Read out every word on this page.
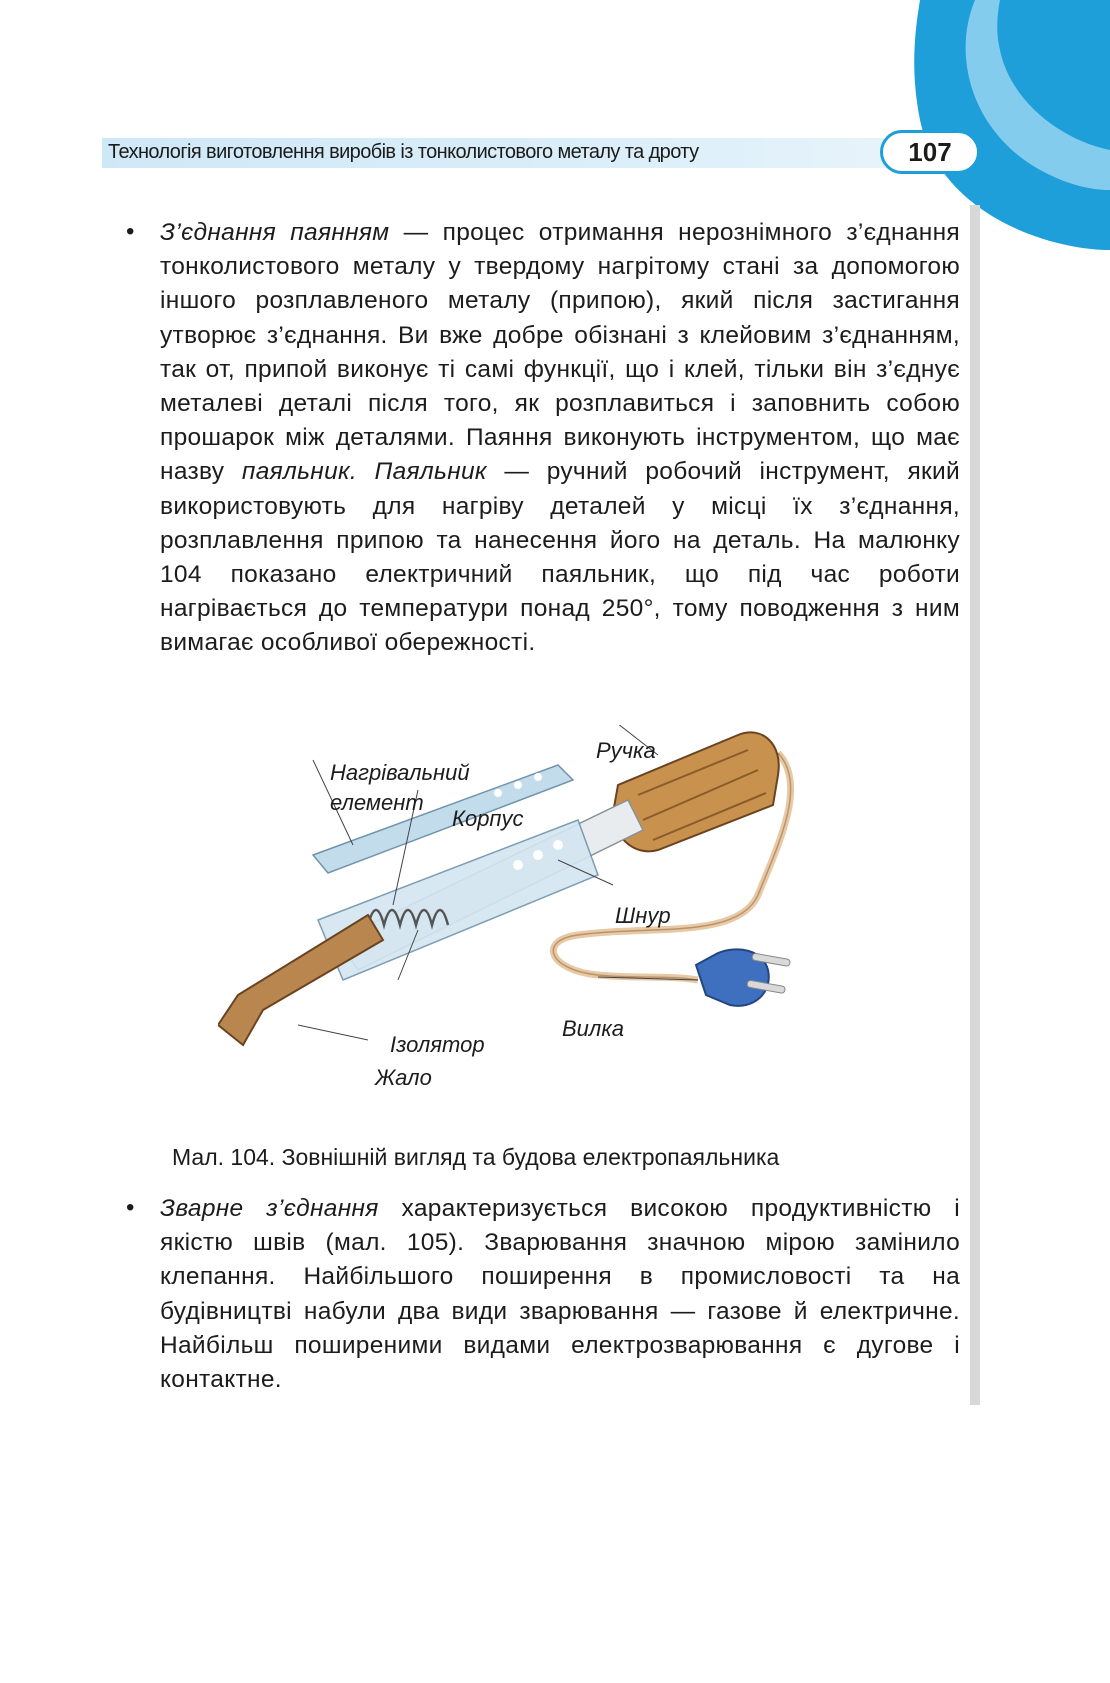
Технологія виготовлення виробів із тонколистового металу та дроту	107
• З’єднання паянням — процес отримання нерознімного з’єднання тонколистового металу у твердому нагрітому стані за допомогою іншого розплавленого металу (припою), який після застигання утворює з’єднання. Ви вже добре обізнані з клейовим з’єднанням, так от, припой виконує ті самі функції, що і клей, тільки він з’єднує металеві деталі після того, як розплавиться і заповнить собою прошарок між деталями. Паяння виконують інструментом, що має назву паяльник. Паяльник — ручний робочий інструмент, який використовують для нагріву деталей у місці їх з’єднання, розплавлення припою та нанесення його на деталь. На малюнку 104 показано електричний паяльник, що під час роботи нагрівається до температури понад 250°, тому поводження з ним вимагає особливої обережності.

Нагрівальний
елемент
Корпус
Ручка
Шнур
Вилка
Ізолятор
Жало
Мал. 104. Зовнішній вигляд та будова електропаяльника
• Зварне з’єднання характеризується високою продуктивністю і якістю швів (мал. 105). Зварювання значною мірою замінило клепання. Найбільшого поширення в промисловості та на будівництві набули два види зварювання — газове й електричне. Найбільш поширеними видами електрозварювання є дугове і контактне.
